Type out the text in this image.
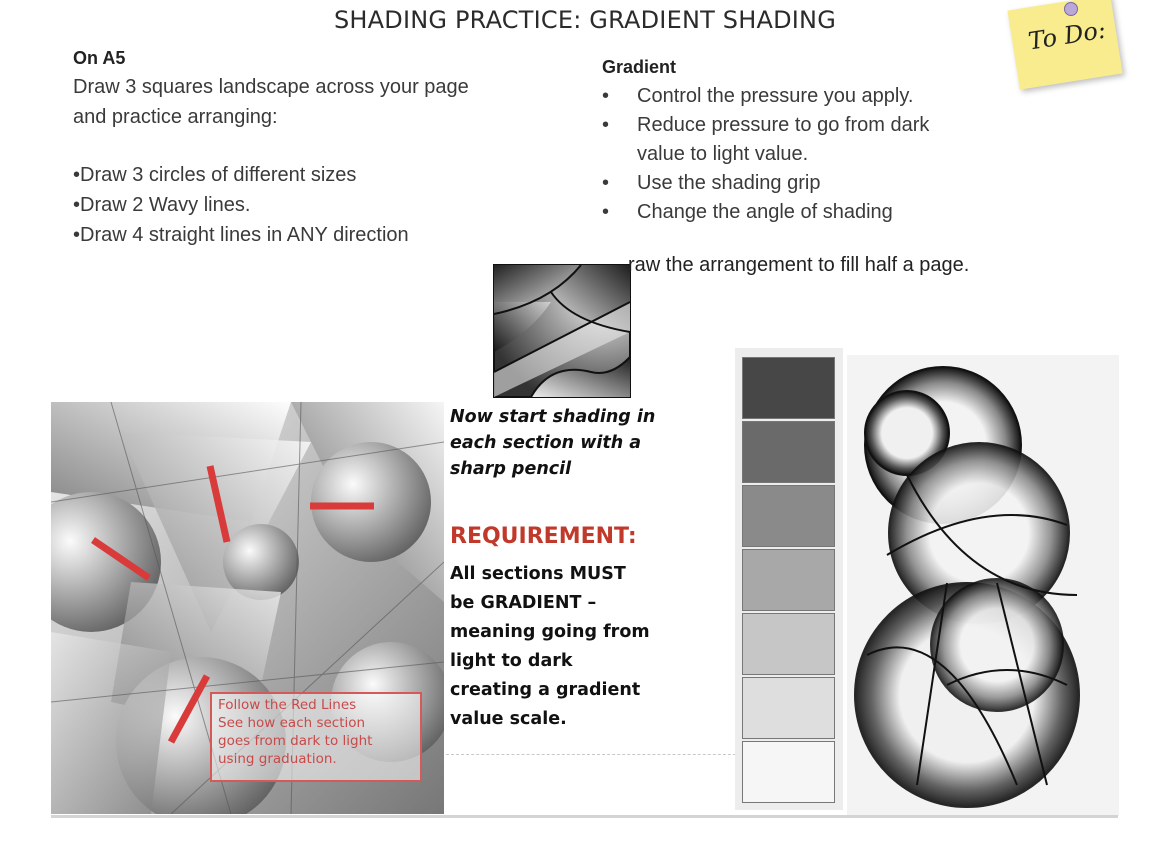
SHADING PRACTICE: GRADIENT SHADING	To Do:
On A5
Draw 3 squares landscape across your page
and practice arranging:
•Draw 3 circles of different sizes
•Draw 2 Wavy lines.
•Draw 4 straight lines in ANY direction
Gradient
• Control the pressure you apply.
• Reduce pressure to go from dark
value to light value.
• Use the shading grip
• Change the angle of shading
raw the arrangement to fill half a page.
Follow the Red Lines
See how each section
goes from dark to light
using graduation.
Now start shading in
each section with a
sharp pencil
REQUIREMENT:
All sections MUST
be GRADIENT –
meaning going from
light to dark
creating a gradient
value scale.
